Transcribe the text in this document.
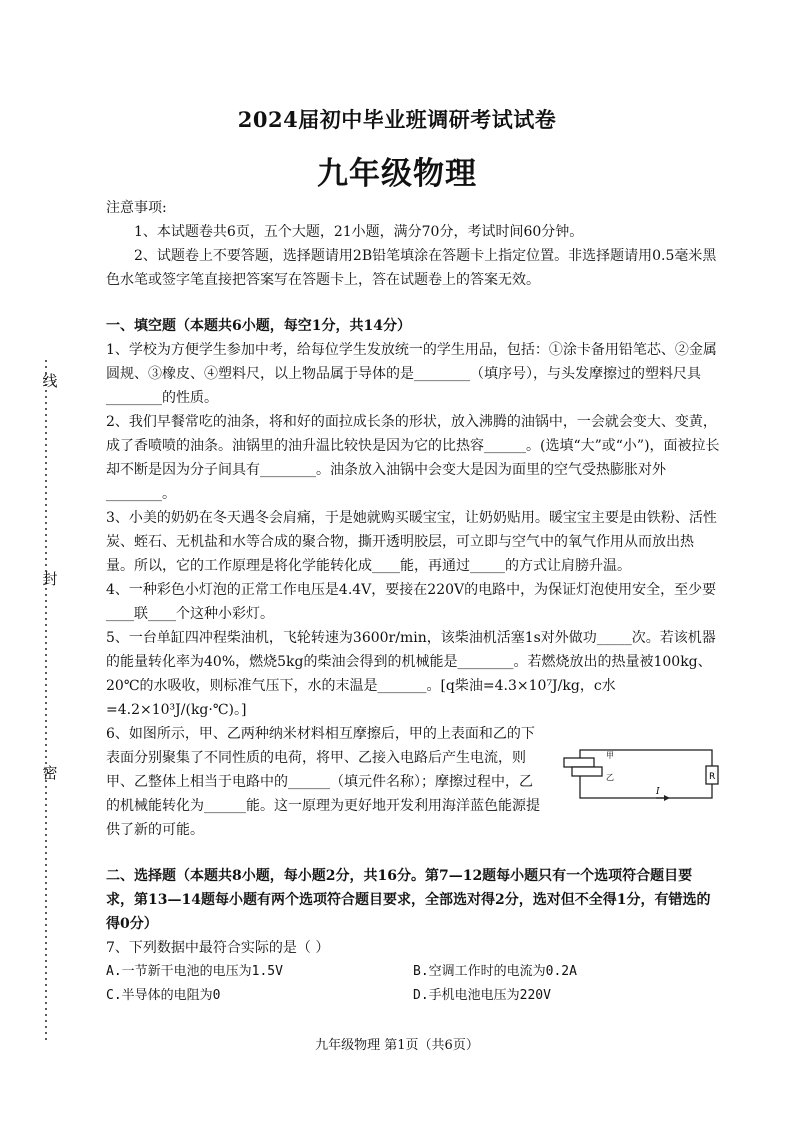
线
封
密
2024届初中毕业班调研考试试卷
九年级物理

注意事项:

1、本试题卷共6页，五个大题，21小题，满分70分，考试时间60分钟。

2、试题卷上不要答题，选择题请用2B铅笔填涂在答题卡上指定位置。非选择题请用0.5毫米黑色水笔或签字笔直接把答案写在答题卡上，答在试题卷上的答案无效。

一、填空题（本题共6小题，每空1分，共14分）

1、学校为方便学生参加中考，给每位学生发放统一的学生用品，包括：①涂卡备用铅笔芯、②金属圆规、③橡皮、④塑料尺，以上物品属于导体的是________（填序号），与头发摩擦过的塑料尺具________的性质。

2、我们早餐常吃的油条，将和好的面拉成长条的形状，放入沸腾的油锅中，一会就会变大、变黄，成了香喷喷的油条。油锅里的油升温比较快是因为它的比热容______。(选填“大”或“小”)，面被拉长却不断是因为分子间具有________。油条放入油锅中会变大是因为面里的空气受热膨胀对外________。

3、小美的奶奶在冬天遇冬会肩痛，于是她就购买暖宝宝，让奶奶贴用。暖宝宝主要是由铁粉、活性炭、蛭石、无机盐和水等合成的聚合物，撕开透明胶层，可立即与空气中的氧气作用从而放出热量。所以，它的工作原理是将化学能转化成____能，再通过_____的方式让肩膀升温。

4、一种彩色小灯泡的正常工作电压是4.4V，要接在220V的电路中，为保证灯泡使用安全，至少要____联____个这种小彩灯。

5、一台单缸四冲程柴油机，飞轮转速为3600r/min，该柴油机活塞1s对外做功_____次。若该机器的能量转化率为40%，燃烧5kg的柴油会得到的机械能是________。若燃烧放出的热量被100kg、20℃的水吸收，则标准气压下，水的末温是_______。[q柴油=4.3×10⁷J/kg，c水=4.2×10³J/(kg·℃)。]

6、如图所示，甲、乙两种纳米材料相互摩擦后，甲的上表面和乙的下表面分别聚集了不同性质的电荷，将甲、乙接入电路后产生电流，则甲、乙整体上相当于电路中的______（填元件名称）；摩擦过程中，乙的机械能转化为______能。这一原理为更好地开发利用海洋蓝色能源提供了新的可能。

甲
乙	R
I

二、选择题（本题共8小题，每小题2分，共16分。第7—12题每小题只有一个选项符合题目要求，第13—14题每小题有两个选项符合题目要求，全部选对得2分，选对但不全得1分，有错选的得0分）

7、下列数据中最符合实际的是（ ）

A.一节新干电池的电压为1.5V	B.空调工作时的电流为0.2A
C.半导体的电阻为0	D.手机电池电压为220V
九年级物理 第1页（共6页）
